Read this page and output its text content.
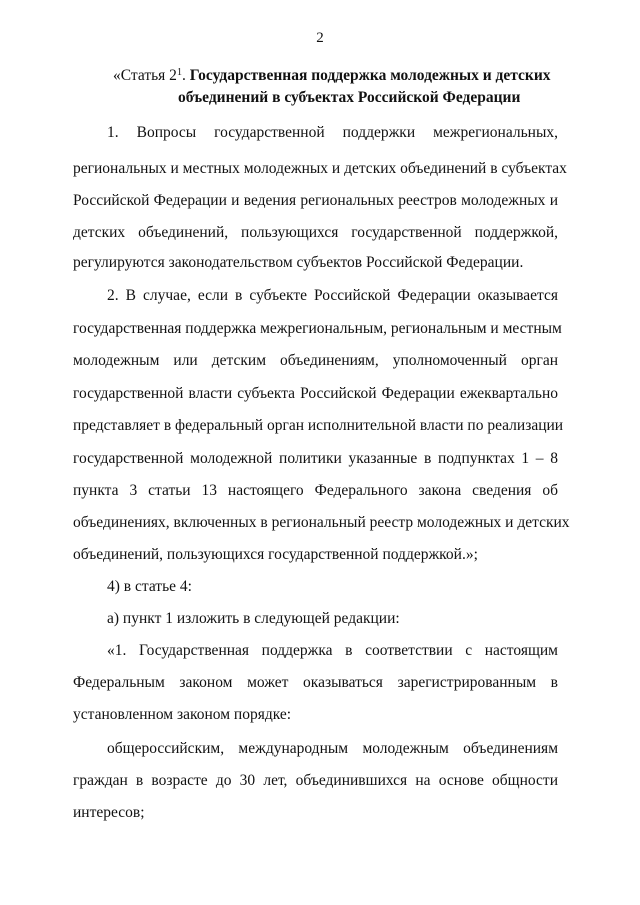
2
«Статья $2^1$. Государственная поддержка молодежных и детских
объединений в субъектах Российской Федерации
1. Вопросы государственной поддержки межрегиональных,
региональных и местных молодежных и детских объединений в субъектах
Российской Федерации и ведения региональных реестров молодежных и
детских объединений, пользующихся государственной поддержкой,
регулируются законодательством субъектов Российской Федерации.
2. В случае, если в субъекте Российской Федерации оказывается
государственная поддержка межрегиональным, региональным и местным
молодежным или детским объединениям, уполномоченный орган
государственной власти субъекта Российской Федерации ежеквартально
представляет в федеральный орган исполнительной власти по реализации
государственной молодежной политики указанные в подпунктах 1 – 8
пункта 3 статьи 13 настоящего Федерального закона сведения об
объединениях, включенных в региональный реестр молодежных и детских
объединений, пользующихся государственной поддержкой.»;
4) в статье 4:
а) пункт 1 изложить в следующей редакции:
«1. Государственная поддержка в соответствии с настоящим
Федеральным законом может оказываться зарегистрированным в
установленном законом порядке:
общероссийским, международным молодежным объединениям
граждан в возрасте до 30 лет, объединившихся на основе общности
интересов;
